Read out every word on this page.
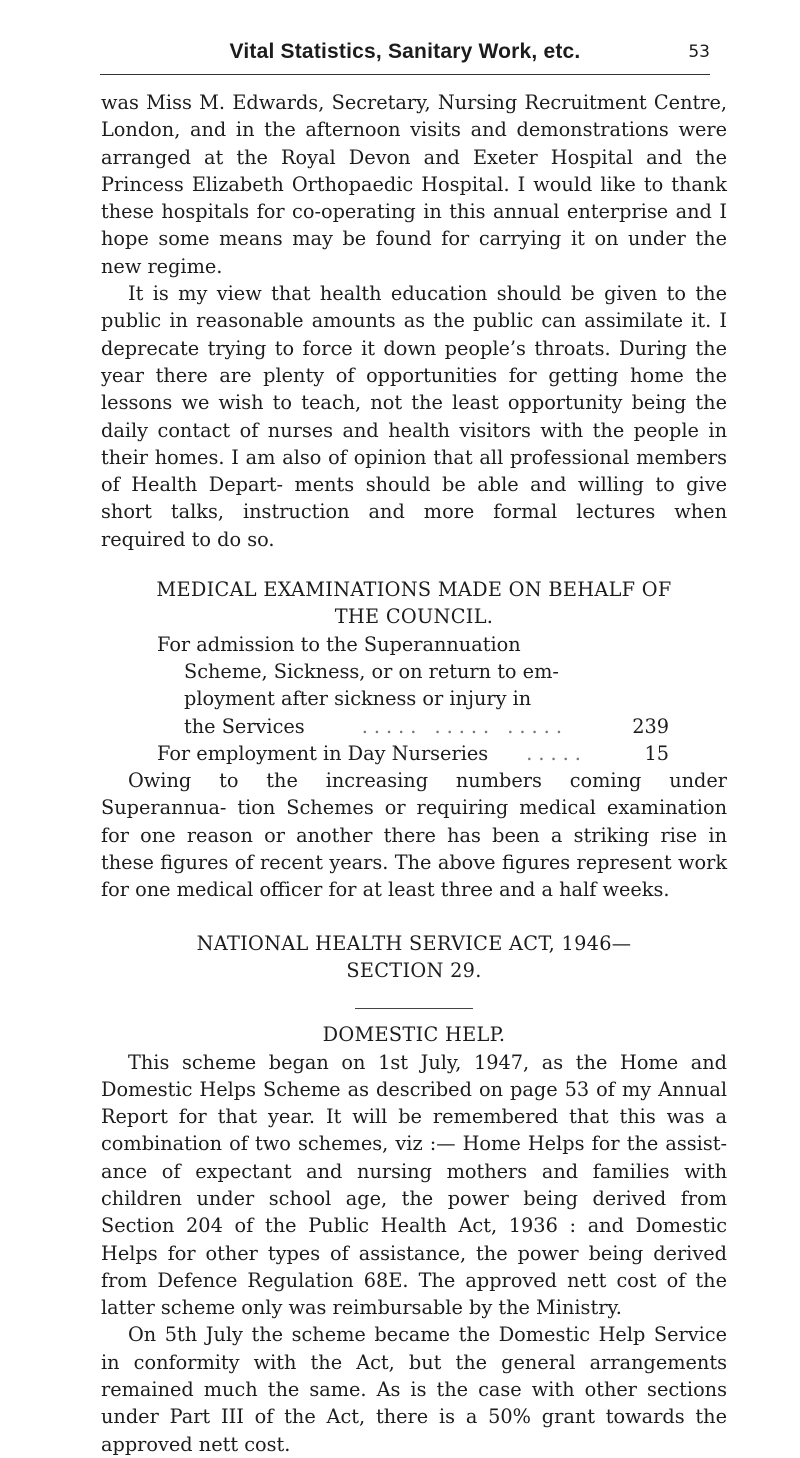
Vital Statistics, Sanitary Work, etc.	53

was Miss M. Edwards, Secretary, Nursing Recruitment Centre, London, and in the afternoon visits and demonstrations were arranged at the Royal Devon and Exeter Hospital and the Princess Elizabeth Orthopaedic Hospital. I would like to thank these hospitals for co-operating in this annual enterprise and I hope some means may be found for carrying it on under the new regime.

It is my view that health education should be given to the public in reasonable amounts as the public can assimilate it. I deprecate trying to force it down people’s throats. During the year there are plenty of opportunities for getting home the lessons we wish to teach, not the least opportunity being the daily contact of nurses and health visitors with the people in their homes. I am also of opinion that all professional members of Health Depart- ments should be able and willing to give short talks, instruction and more formal lectures when required to do so.

MEDICAL EXAMINATIONS MADE ON BEHALF OF
THE COUNCIL.
For admission to the Superannuation
Scheme, Sickness, or on return to em-
ployment after sickness or injury in
the Services	..... ..... .....	239
For employment in Day Nurseries	.....	15

Owing to the increasing numbers coming under Superannua- tion Schemes or requiring medical examination for one reason or another there has been a striking rise in these figures of recent years. The above figures represent work for one medical officer for at least three and a half weeks.

NATIONAL HEALTH SERVICE ACT, 1946—
SECTION 29.
DOMESTIC HELP.

This scheme began on 1st July, 1947, as the Home and Domestic Helps Scheme as described on page 53 of my Annual Report for that year. It will be remembered that this was a combination of two schemes, viz :— Home Helps for the assist- ance of expectant and nursing mothers and families with children under school age, the power being derived from Section 204 of the Public Health Act, 1936 : and Domestic Helps for other types of assistance, the power being derived from Defence Regulation 68E. The approved nett cost of the latter scheme only was reimbursable by the Ministry.

On 5th July the scheme became the Domestic Help Service in conformity with the Act, but the general arrangements remained much the same. As is the case with other sections under Part III of the Act, there is a 50% grant towards the approved nett cost.
